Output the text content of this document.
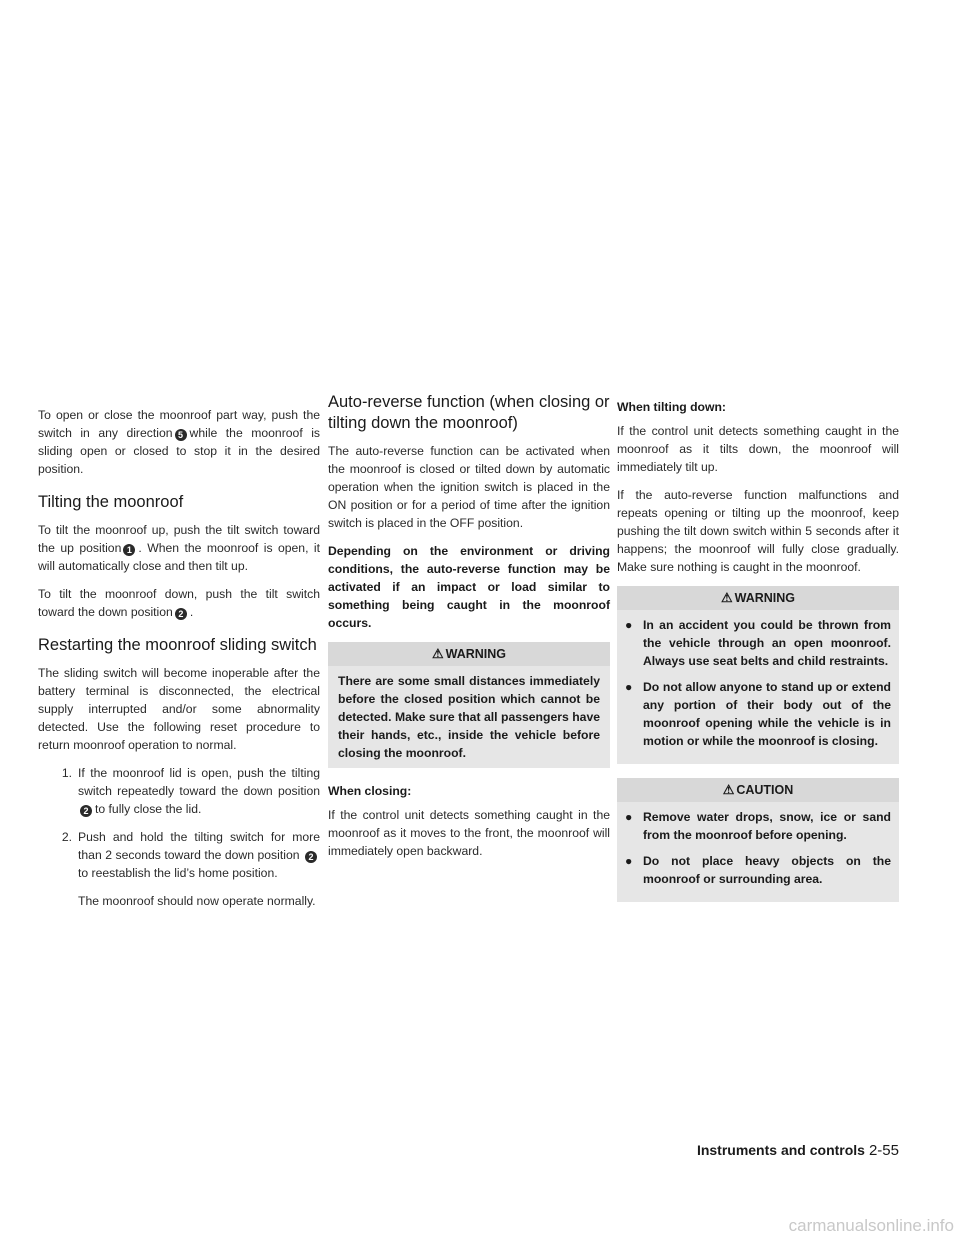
To open or close the moonroof part way, push the switch in any direction 5 while the moonroof is sliding open or closed to stop it in the desired position.

Tilting the moonroof

To tilt the moonroof up, push the tilt switch toward the up position 1 . When the moonroof is open, it will automatically close and then tilt up.

To tilt the moonroof down, push the tilt switch toward the down position 2 .

Restarting the moonroof sliding switch

The sliding switch will become inoperable after the battery terminal is disconnected, the electrical supply interrupted and/or some abnormality detected. Use the following reset procedure to return moonroof operation to normal.

1. If the moonroof lid is open, push the tilting switch repeatedly toward the down position 2 to fully close the lid.
2. Push and hold the tilting switch for more than 2 seconds toward the down position 2to reestablish the lid’s home position.

The moonroof should now operate normally.

Auto-reverse function (when closing or tilting down the moonroof)

The auto-reverse function can be activated when the moonroof is closed or tilted down by automatic operation when the ignition switch is placed in the ON position or for a period of time after the ignition switch is placed in the OFF position.

Depending on the environment or driving conditions, the auto-reverse function may be activated if an impact or load similar to something being caught in the moonroof occurs.

⚠ WARNING

There are some small distances immediately before the closed position which cannot be detected. Make sure that all passengers have their hands, etc., inside the vehicle before closing the moonroof.

When closing:

If the control unit detects something caught in the moonroof as it moves to the front, the moonroof will immediately open backward.

When tilting down:

If the control unit detects something caught in the moonroof as it tilts down, the moonroof will immediately tilt up.

If the auto-reverse function malfunctions and repeats opening or tilting up the moonroof, keep pushing the tilt down switch within 5 seconds after it happens; the moonroof will fully close gradually. Make sure nothing is caught in the moonroof.

⚠ WARNING
● In an accident you could be thrown from the vehicle through an open moonroof. Always use seat belts and child restraints.
● Do not allow anyone to stand up or extend any portion of their body out of the moonroof opening while the vehicle is in motion or while the moonroof is closing.
⚠ CAUTION
● Remove water drops, snow, ice or sand from the moonroof before opening.
● Do not place heavy objects on the moonroof or surrounding area.
Instruments and controls 2-55
carmanualsonline.info
